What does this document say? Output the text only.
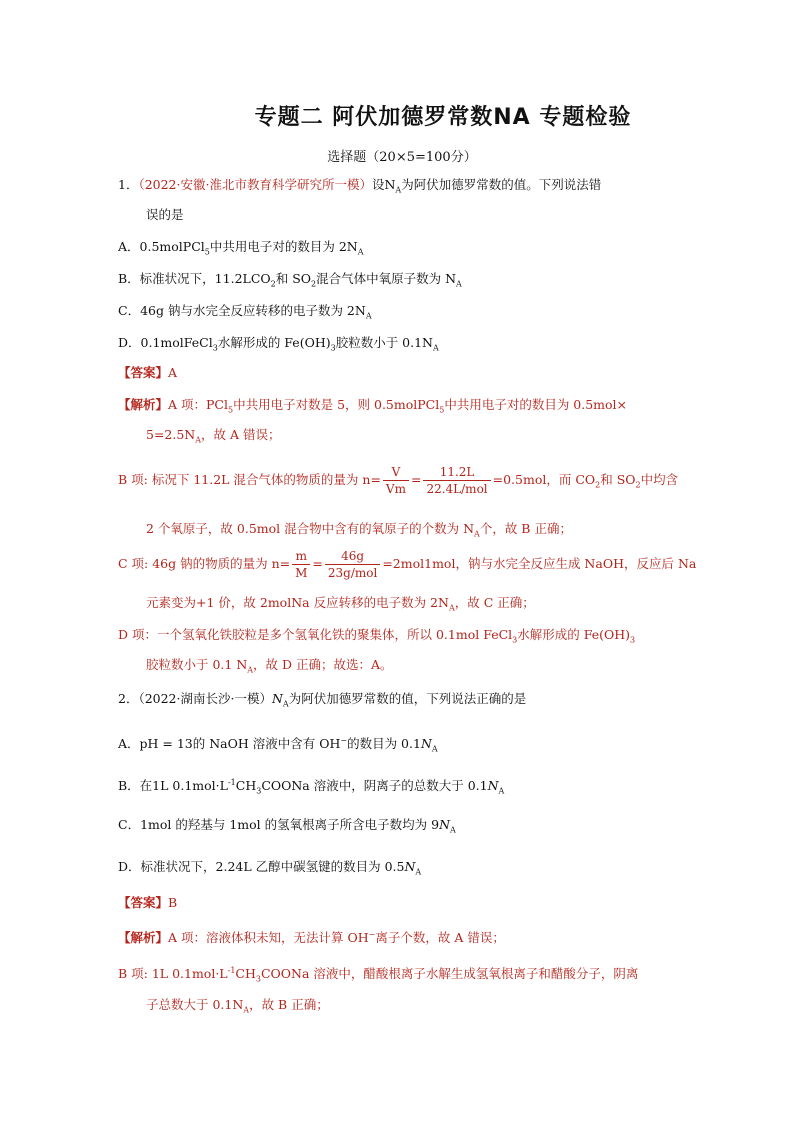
专题二 阿伏加德罗常数NA 专题检验
选择题（20×5=100分）
1．（2022·安徽·淮北市教育科学研究所一模）设$N_A$为阿伏加德罗常数的值。下列说法错
误的是
A．0.5molPCl$_5$中共用电子对的数目为 $2N_A$
B．标准状况下，$11.2LCO_2$和 $SO_2$混合气体中氧原子数为 $N_A$
C．46g 钠与水完全反应转移的电子数为 $2N_A$
D．0.1molFeCl$_3$水解形成的 $Fe(OH)_3$胶粒数小于 $0.1N_A$
【答案】A
【解析】A 项：PCl$_5$中共用电子对数是 5，则 0.5molPCl$_5$中共用电子对的数目为 0.5mol×
$5=2.5N_A$，故 A 错误；
B 项: 标况下 11.2L 混合气体的物质的量为 $n= \frac{V}{Vm} = \frac{11.2L}{\text{22.4L/mol}} =0.5mol$，而 $CO_2$和 $SO_2$中均含
2 个氧原子，故 0.5mol 混合物中含有的氧原子的个数为 $N_A$个，故 B 正确；
C 项: 46g 钠的物质的量为 $n= \frac{m}{M} = \frac{46g}{\text{23g/mol}} =2mol1mol$，钠与水完全反应生成 NaOH，反应后 Na
元素变为+1 价，故 2molNa 反应转移的电子数为 $2N_A$，故 C 正确；
D 项：一个氢氧化铁胶粒是多个氢氧化铁的聚集体，所以 0.1mol FeCl$_3$水解形成的 $Fe(OH)_3$
胶粒数小于 0.1 $N_A$，故 D 正确；故选：A。
2．（2022·湖南长沙·一模）$N_A$为阿伏加德罗常数的值，下列说法正确的是
A．pH = 13的 NaOH 溶液中含有 OH−的数目为 $0.1N_A$
B．在1L $0.1mol\cdot L^{-1}CH_3COONa$ 溶液中，阴离子的总数大于 $0.1N_A$
C．1mol 的羟基与 1mol 的氢氧根离子所含电子数均为 $9N_A$
D．标准状况下，2.24L 乙醇中碳氢键的数目为 $0.5N_A$
【答案】B
【解析】A 项：溶液体积未知，无法计算 OH−离子个数，故 A 错误；
B 项: 1L $0.1mol\cdot L^{-1}CH_3COONa$ 溶液中，醋酸根离子水解生成氢氧根离子和醋酸分子，阴离
子总数大于 $0.1N_A$，故 B 正确；
